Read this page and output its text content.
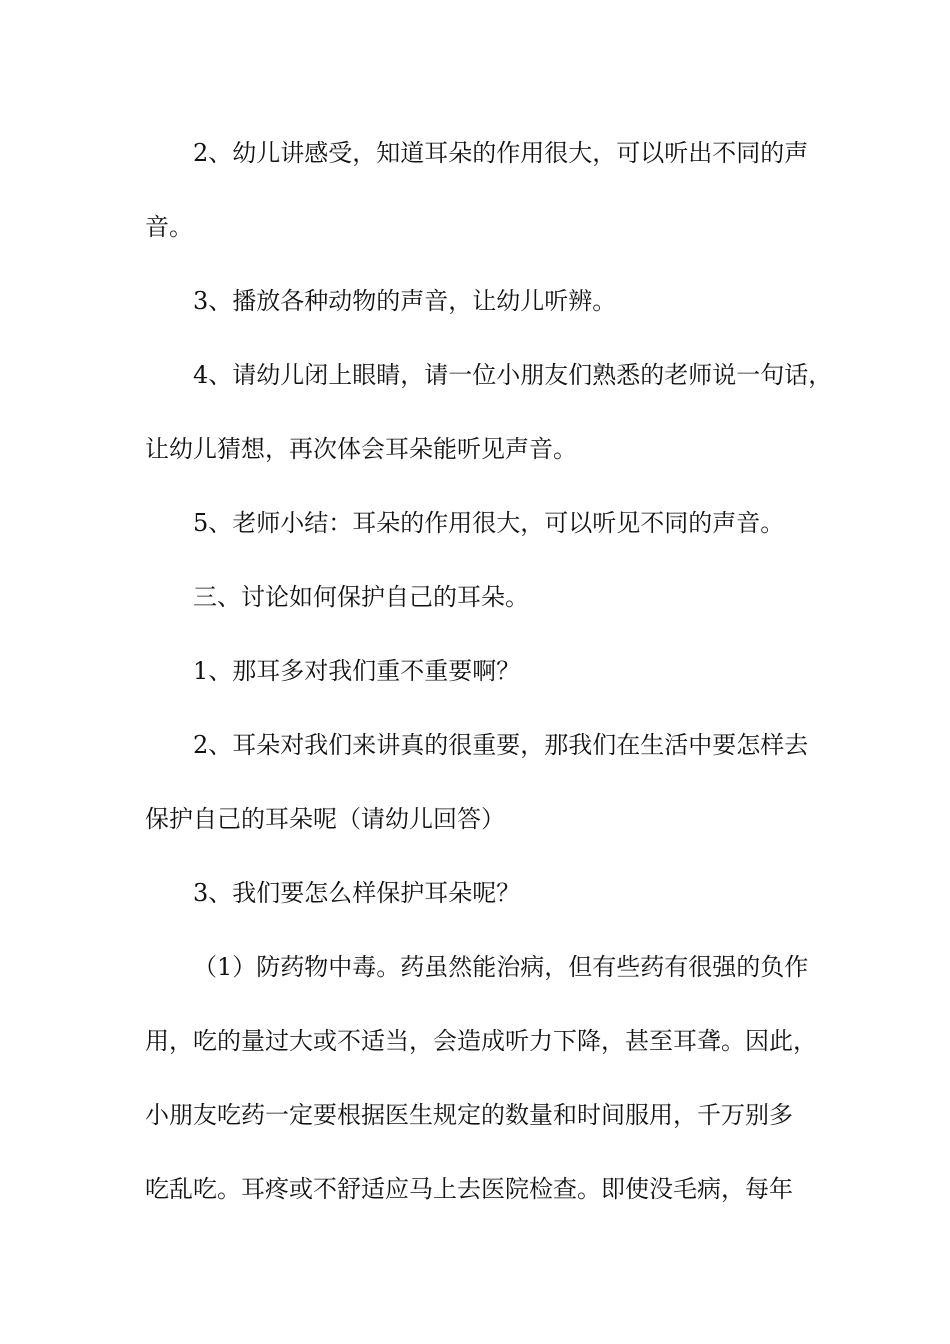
2、幼儿讲感受，知道耳朵的作用很大，可以听出不同的声
音。
3、播放各种动物的声音，让幼儿听辨。
4、请幼儿闭上眼睛，请一位小朋友们熟悉的老师说一句话，
让幼儿猜想，再次体会耳朵能听见声音。
5、老师小结：耳朵的作用很大，可以听见不同的声音。
三、讨论如何保护自己的耳朵。
1、那耳多对我们重不重要啊？
2、耳朵对我们来讲真的很重要，那我们在生活中要怎样去
保护自己的耳朵呢（请幼儿回答）
3、我们要怎么样保护耳朵呢？
（1）防药物中毒。药虽然能治病，但有些药有很强的负作
用，吃的量过大或不适当，会造成听力下降，甚至耳聋。因此，
小朋友吃药一定要根据医生规定的数量和时间服用，千万别多
吃乱吃。耳疼或不舒适应马上去医院检查。即使没毛病，每年
